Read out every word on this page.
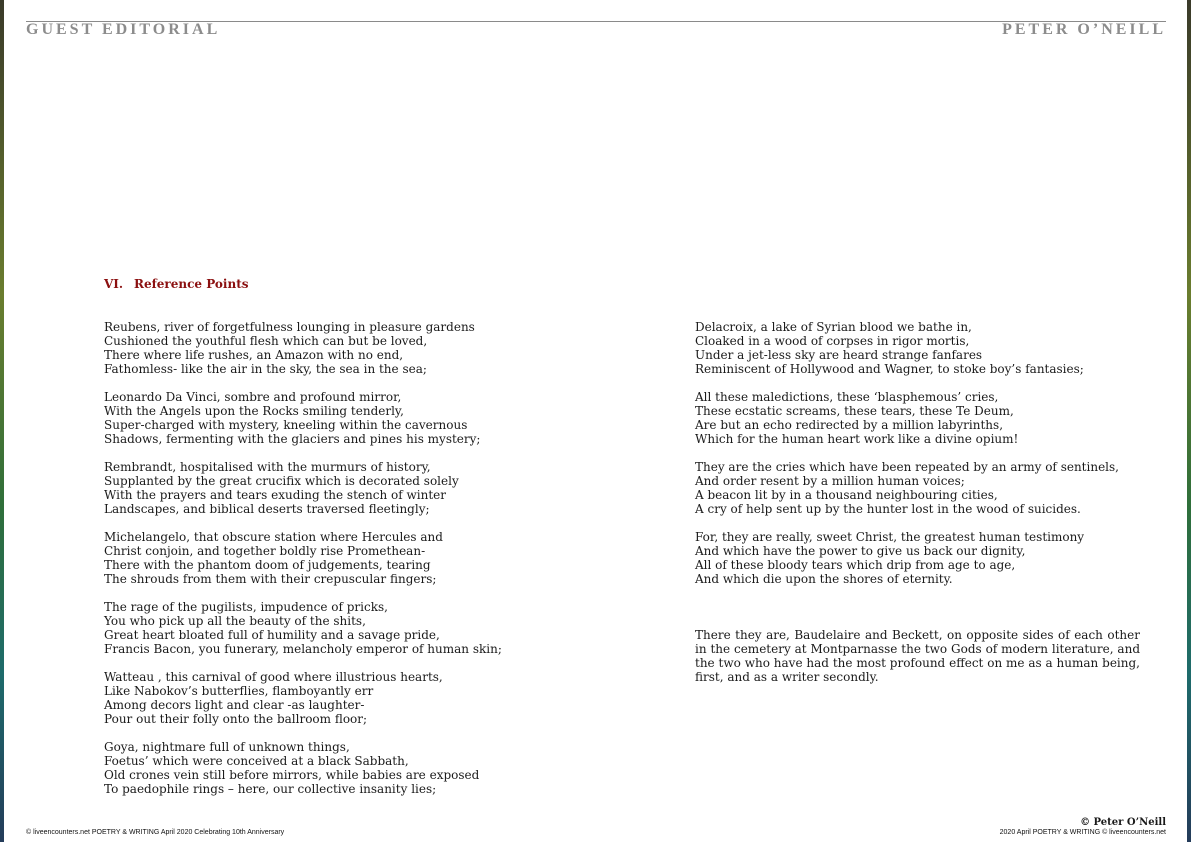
GUEST EDITORIAL	PETER O’NEILL
VI. Reference Points

Reubens, river of forgetfulness lounging in pleasure gardens
Cushioned the youthful flesh which can but be loved,
There where life rushes, an Amazon with no end,
Fathomless- like the air in the sky, the sea in the sea;

Leonardo Da Vinci, sombre and profound mirror,
With the Angels upon the Rocks smiling tenderly,
Super-charged with mystery, kneeling within the cavernous
Shadows, fermenting with the glaciers and pines his mystery;

Rembrandt, hospitalised with the murmurs of history,
Supplanted by the great crucifix which is decorated solely
With the prayers and tears exuding the stench of winter
Landscapes, and biblical deserts traversed fleetingly;

Michelangelo, that obscure station where Hercules and
Christ conjoin, and together boldly rise Promethean-
There with the phantom doom of judgements, tearing
The shrouds from them with their crepuscular fingers;

The rage of the pugilists, impudence of pricks,
You who pick up all the beauty of the shits,
Great heart bloated full of humility and a savage pride,
Francis Bacon, you funerary, melancholy emperor of human skin;

Watteau , this carnival of good where illustrious hearts,
Like Nabokov’s butterflies, flamboyantly err
Among decors light and clear -as laughter-
Pour out their folly onto the ballroom floor;

Goya, nightmare full of unknown things,
Foetus’ which were conceived at a black Sabbath,
Old crones vein still before mirrors, while babies are exposed
To paedophile rings – here, our collective insanity lies;

Delacroix, a lake of Syrian blood we bathe in,
Cloaked in a wood of corpses in rigor mortis,
Under a jet-less sky are heard strange fanfares
Reminiscent of Hollywood and Wagner, to stoke boy’s fantasies;

All these maledictions, these ‘blasphemous’ cries,
These ecstatic screams, these tears, these Te Deum,
Are but an echo redirected by a million labyrinths,
Which for the human heart work like a divine opium!

They are the cries which have been repeated by an army of sentinels,
And order resent by a million human voices;
A beacon lit by in a thousand neighbouring cities,
A cry of help sent up by the hunter lost in the wood of suicides.

For, they are really, sweet Christ, the greatest human testimony
And which have the power to give us back our dignity,
All of these bloody tears which drip from age to age,
And which die upon the shores of eternity.

There they are, Baudelaire and Beckett, on opposite sides of each other in the cemetery at Montparnasse the two Gods of modern literature, and the two who have had the most profound effect on me as a human being, first, and as a writer secondly.

© Peter O’Neill
© liveencounters.net POETRY & WRITING April 2020 Celebrating 10th Anniversary	2020 April POETRY & WRITING © liveencounters.net
